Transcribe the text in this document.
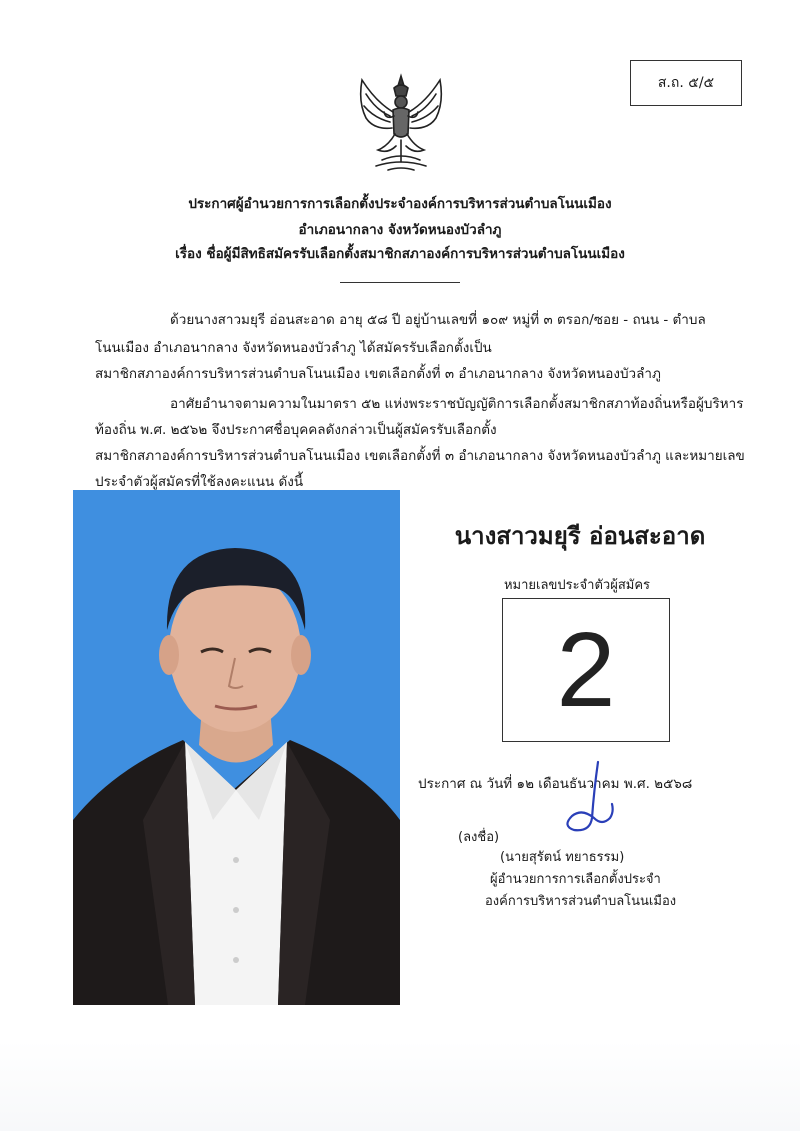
ส.ถ. ๕/๕
ประกาศผู้อำนวยการการเลือกตั้งประจำองค์การบริหารส่วนตำบลโนนเมือง
อำเภอนากลาง จังหวัดหนองบัวลำภู
เรื่อง ชื่อผู้มีสิทธิสมัครรับเลือกตั้งสมาชิกสภาองค์การบริหารส่วนตำบลโนนเมือง
ด้วยนางสาวมยุรี อ่อนสะอาด อายุ ๕๘ ปี อยู่บ้านเลขที่ ๑๐๙ หมู่ที่ ๓ ตรอก/ซอย - ถนน - ตำบล
โนนเมือง อำเภอนากลาง จังหวัดหนองบัวลำภู ได้สมัครรับเลือกตั้งเป็น
สมาชิกสภาองค์การบริหารส่วนตำบลโนนเมือง เขตเลือกตั้งที่ ๓ อำเภอนากลาง จังหวัดหนองบัวลำภู
อาศัยอำนาจตามความในมาตรา ๕๒ แห่งพระราชบัญญัติการเลือกตั้งสมาชิกสภาท้องถิ่นหรือผู้บริหาร
ท้องถิ่น พ.ศ. ๒๕๖๒ จึงประกาศชื่อบุคคลดังกล่าวเป็นผู้สมัครรับเลือกตั้ง
สมาชิกสภาองค์การบริหารส่วนตำบลโนนเมือง เขตเลือกตั้งที่ ๓ อำเภอนากลาง จังหวัดหนองบัวลำภู และหมายเลข
ประจำตัวผู้สมัครที่ใช้ลงคะแนน ดังนี้
นางสาวมยุรี อ่อนสะอาด
หมายเลขประจำตัวผู้สมัคร
2
ประกาศ ณ วันที่ ๑๒ เดือนธันวาคม พ.ศ. ๒๕๖๘
(ลงชื่อ)
(นายสุรัตน์ ทยาธรรม)
ผู้อำนวยการการเลือกตั้งประจำ
องค์การบริหารส่วนตำบลโนนเมือง
